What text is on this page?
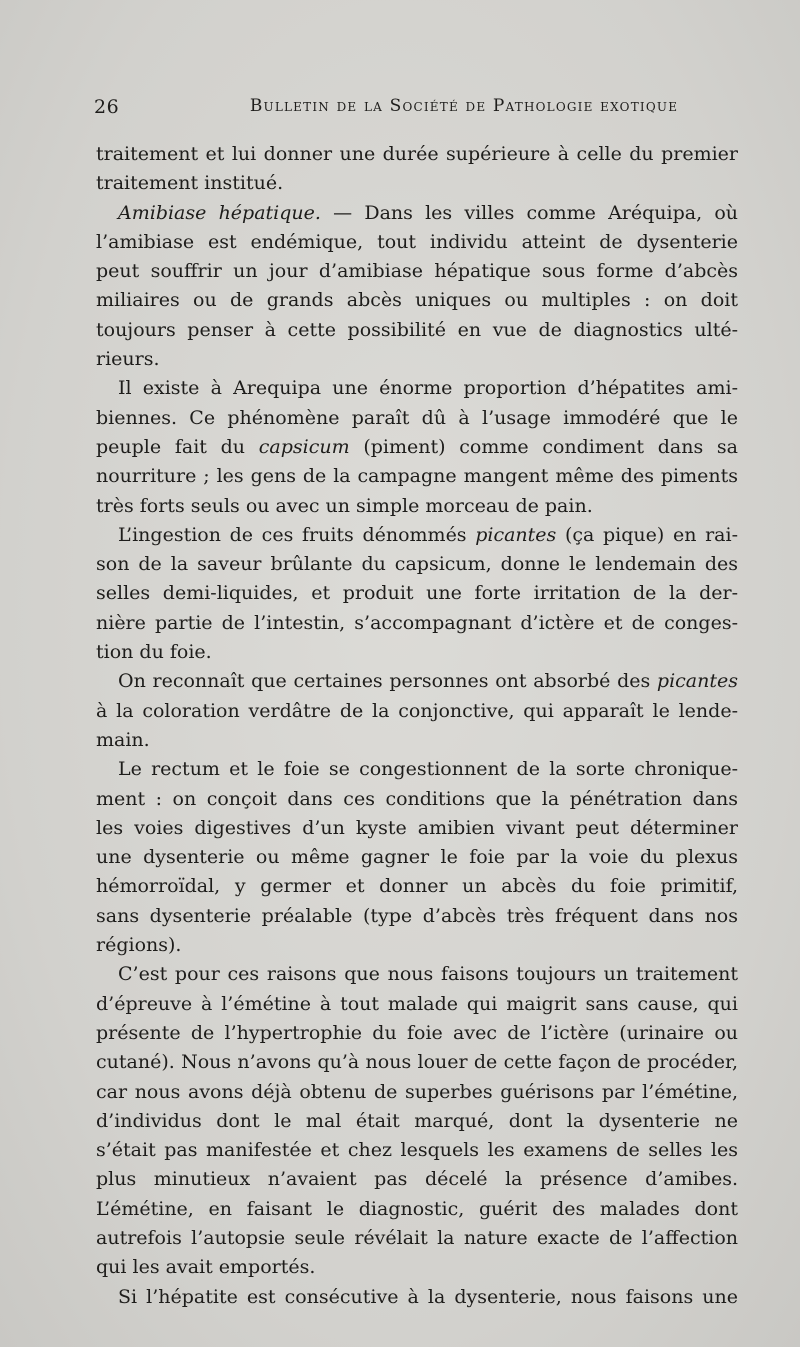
26	Bulletin de la Société de Pathologie exotique
traitement et lui donner une durée supérieure à celle du premier
traitement institué.
Amibiase hépatique. — Dans les villes comme Aréquipa, où
l’amibiase est endémique, tout individu atteint de dysenterie
peut souffrir un jour d’amibiase hépatique sous forme d’abcès
miliaires ou de grands abcès uniques ou multiples : on doit
toujours penser à cette possibilité en vue de diagnostics ulté-
rieurs.
Il existe à Arequipa une énorme proportion d’hépatites ami-
biennes. Ce phénomène paraît dû à l’usage immodéré que le
peuple fait du capsicum (piment) comme condiment dans sa
nourriture ; les gens de la campagne mangent même des piments
très forts seuls ou avec un simple morceau de pain.
L’ingestion de ces fruits dénommés picantes (ça pique) en rai-
son de la saveur brûlante du capsicum, donne le lendemain des
selles demi-liquides, et produit une forte irritation de la der-
nière partie de l’intestin, s’accompagnant d’ictère et de conges-
tion du foie.
On reconnaît que certaines personnes ont absorbé des picantes
à la coloration verdâtre de la conjonctive, qui apparaît le lende-
main.
Le rectum et le foie se congestionnent de la sorte chronique-
ment : on conçoit dans ces conditions que la pénétration dans
les voies digestives d’un kyste amibien vivant peut déterminer
une dysenterie ou même gagner le foie par la voie du plexus
hémorroïdal, y germer et donner un abcès du foie primitif,
sans dysenterie préalable (type d’abcès très fréquent dans nos
régions).
C’est pour ces raisons que nous faisons toujours un traitement
d’épreuve à l’émétine à tout malade qui maigrit sans cause, qui
présente de l’hypertrophie du foie avec de l’ictère (urinaire ou
cutané). Nous n’avons qu’à nous louer de cette façon de procéder,
car nous avons déjà obtenu de superbes guérisons par l’émétine,
d’individus dont le mal était marqué, dont la dysenterie ne
s’était pas manifestée et chez lesquels les examens de selles les
plus minutieux n’avaient pas décelé la présence d’amibes.
L’émétine, en faisant le diagnostic, guérit des malades dont
autrefois l’autopsie seule révélait la nature exacte de l’affection
qui les avait emportés.
Si l’hépatite est consécutive à la dysenterie, nous faisons une
